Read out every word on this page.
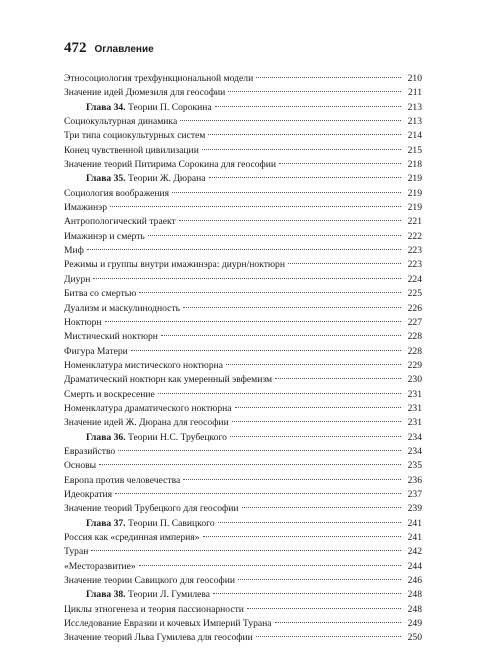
472 Оглавление
Этносоциология трехфункциональной модели	210
Значение идей Дюмезиля для геософии	211
Глава 34. Теории П. Сорокина	213
Социокультурная динамика	213
Три типа социокультурных систем	214
Конец чувственной цивилизации	215
Значение теорий Питирима Сорокина для геософии	218
Глава 35. Теории Ж. Дюрана	219
Социология воображения	219
Имажинэр	219
Антропологический траект	221
Имажинэр и смерть	222
Миф	223
Режимы и группы внутри имажинэра: диурн/ноктюрн	223
Диурн	224
Битва со смертью	225
Дуализм и маскулинодность	226
Ноктюрн	227
Мистический ноктюрн	228
Фигура Матери	228
Номенклатура мистического ноктюрна	229
Драматический ноктюрн как умеренный эвфемизм	230
Смерть и воскресение	231
Номенклатура драматического ноктюрна	231
Значение идей Ж. Дюрана для геософии	231
Глава 36. Теории Н.С. Трубецкого	234
Евразийство	234
Основы	235
Европа против человечества	236
Идеократия	237
Значение теорий Трубецкого для геософии	239
Глава 37. Теории П. Савицкого	241
Россия как «срединная империя»	241
Туран	242
«Месторазвитие»	244
Значение теории Савицкого для геософии	246
Глава 38. Теории Л. Гумилева	248
Циклы этногенеза и теория пассионарности	248
Исследование Евразии и кочевых Империй Турана	249
Значение теорий Льва Гумилева для геософии	250
